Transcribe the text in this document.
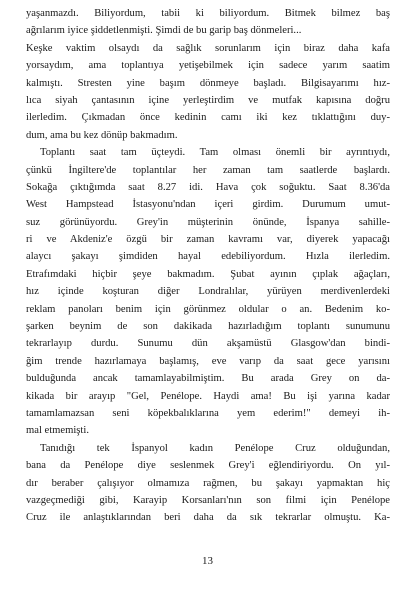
yaşanmazdı. Biliyordum, tabii ki biliyordum. Bitmek bilmez baş
ağrılarım iyice şiddetlenmişti. Şimdi de bu garip baş dönmeleri...
Keşke vaktim olsaydı da sağlık sorunlarım için biraz daha kafa
yorsaydım, ama toplantıya yetişebilmek için sadece yarım saatim
kalmıştı. Stresten yine başım dönmeye başladı. Bilgisayarımı hız-
lıca siyah çantasının içine yerleştirdim ve mutfak kapısına doğru
ilerledim. Çıkmadan önce kedinin camı iki kez tıklattığını duy-
dum, ama bu kez dönüp bakmadım.
Toplantı saat tam üçteydi. Tam olması önemli bir ayrıntıydı,
çünkü İngiltere'de toplantılar her zaman tam saatlerde başlardı.
Sokağa çıktığımda saat 8.27 idi. Hava çok soğuktu. Saat 8.36'da
West Hampstead İstasyonu'ndan içeri girdim. Durumum umut-
suz görünüyordu. Grey'in müşterinin önünde, İspanya sahille-
ri ve Akdeniz'e özgü bir zaman kavramı var, diyerek yapacağı
alaycı şakayı şimdiden hayal edebiliyordum. Hızla ilerledim.
Etrafımdaki hiçbir şeye bakmadım. Şubat ayının çıplak ağaçları,
hız içinde koşturan diğer Londralılar, yürüyen merdivenlerdeki
reklam panoları benim için görünmez oldular o an. Bedenim ko-
şarken beynim de son dakikada hazırladığım toplantı sunumunu
tekrarlayıp durdu. Sunumu dün akşamüstü Glasgow'dan bindi-
ğim trende hazırlamaya başlamış, eve varıp da saat gece yarısını
bulduğunda ancak tamamlayabilmiştim. Bu arada Grey on da-
kikada bir arayıp "Gel, Penélope. Haydi ama! Bu işi yarına kadar
tamamlamazsan seni köpekbalıklarına yem ederim!" demeyi ih-
mal etmemişti.
Tanıdığı tek İspanyol kadın Penélope Cruz olduğundan,
bana da Penélope diye seslenmek Grey'i eğlendiriyordu. On yıl-
dır beraber çalışıyor olmamıza rağmen, bu şakayı yapmaktan hiç
vazgeçmediği gibi, Karayip Korsanları'nın son filmi için Penélope
Cruz ile anlaştıklarından beri daha da sık tekrarlar olmuştu. Ka-
13
